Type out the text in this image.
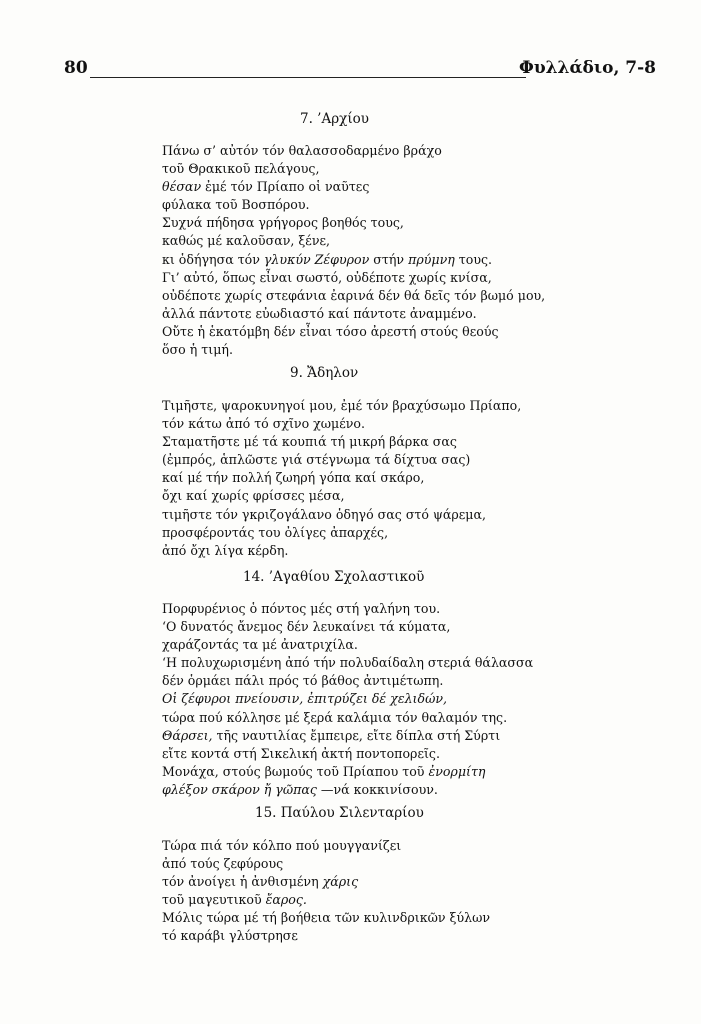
80	Φυλλάδιο, 7-8
7. ’Αρχίου
Πάνω σ’ αὐτόν τόν θαλασσοδαρμένο βράχο
τοῦ Θρακικοῦ πελάγους,
θέσαν ἐμέ τόν Πρίαπο οἱ ναῦτες
φύλακα τοῦ Βοσπόρου.
Συχνά πήδησα γρήγορος βοηθός τους,
καθώς μέ καλοῦσαν, ξένε,
κι ὁδήγησα τόν γλυκύν Ζέφυρον στήν πρύμνη τους.
Γι’ αὐτό, ὅπως εἶναι σωστό, οὐδέποτε χωρίς κνίσα,
οὐδέποτε χωρίς στεφάνια ἐαρινά δέν θά δεῖς τόν βωμό μου,
ἀλλά πάντοτε εὐωδιαστό καί πάντοτε ἀναμμένο.
Οὔτε ἡ ἑκατόμβη δέν εἶναι τόσο ἀρεστή στούς θεούς
ὅσο ἡ τιμή.
9. Ἄδηλον
Τιμῆστε, ψαροκυνηγοί μου, ἐμέ τόν βραχύσωμο Πρίαπο,
τόν κάτω ἀπό τό σχῖνο χωμένο.
Σταματῆστε μέ τά κουπιά τή μικρή βάρκα σας
(ἐμπρός, ἁπλῶστε γιά στέγνωμα τά δίχτυα σας)
καί μέ τήν πολλή ζωηρή γόπα καί σκάρο,
ὄχι καί χωρίς φρίσσες μέσα,
τιμῆστε τόν γκριζογάλανο ὁδηγό σας στό ψάρεμα,
προσφέροντάς του ὀλίγες ἀπαρχές,
ἀπό ὄχι λίγα κέρδη.
14. ’Αγαθίου Σχολαστικοῦ
Πορφυρένιος ὁ πόντος μές στή γαλήνη του.
‘Ο δυνατός ἄνεμος δέν λευκαίνει τά κύματα,
χαράζοντάς τα μέ ἀνατριχίλα.
‘Η πολυχωρισμένη ἀπό τήν πολυδαίδαλη στεριά θάλασσα
δέν ὁρμάει πάλι πρός τό βάθος ἀντιμέτωπη.
Οἱ ζέφυροι πνείουσιν, ἐπιτρύζει δέ χελιδών,
τώρα πού κόλλησε μέ ξερά καλάμια τόν θαλαμόν της.
Θάρσει, τῆς ναυτιλίας ἔμπειρε, εἴτε δίπλα στή Σύρτι
εἴτε κοντά στή Σικελική ἀκτή ποντοπορεῖς.
Μονάχα, στούς βωμούς τοῦ Πρίαπου τοῦ ἐνορμίτη
φλέξον σκάρον ἤ γῶπας —νά κοκκινίσουν.
15. Παύλου Σιλενταρίου
Τώρα πιά τόν κόλπο πού μουγγανίζει
ἀπό τούς ζεφύρους
τόν ἀνοίγει ἡ ἀνθισμένη χάρις
τοῦ μαγευτικοῦ ἔαρος.
Μόλις τώρα μέ τή βοήθεια τῶν κυλινδρικῶν ξύλων
τό καράβι γλύστρησε
